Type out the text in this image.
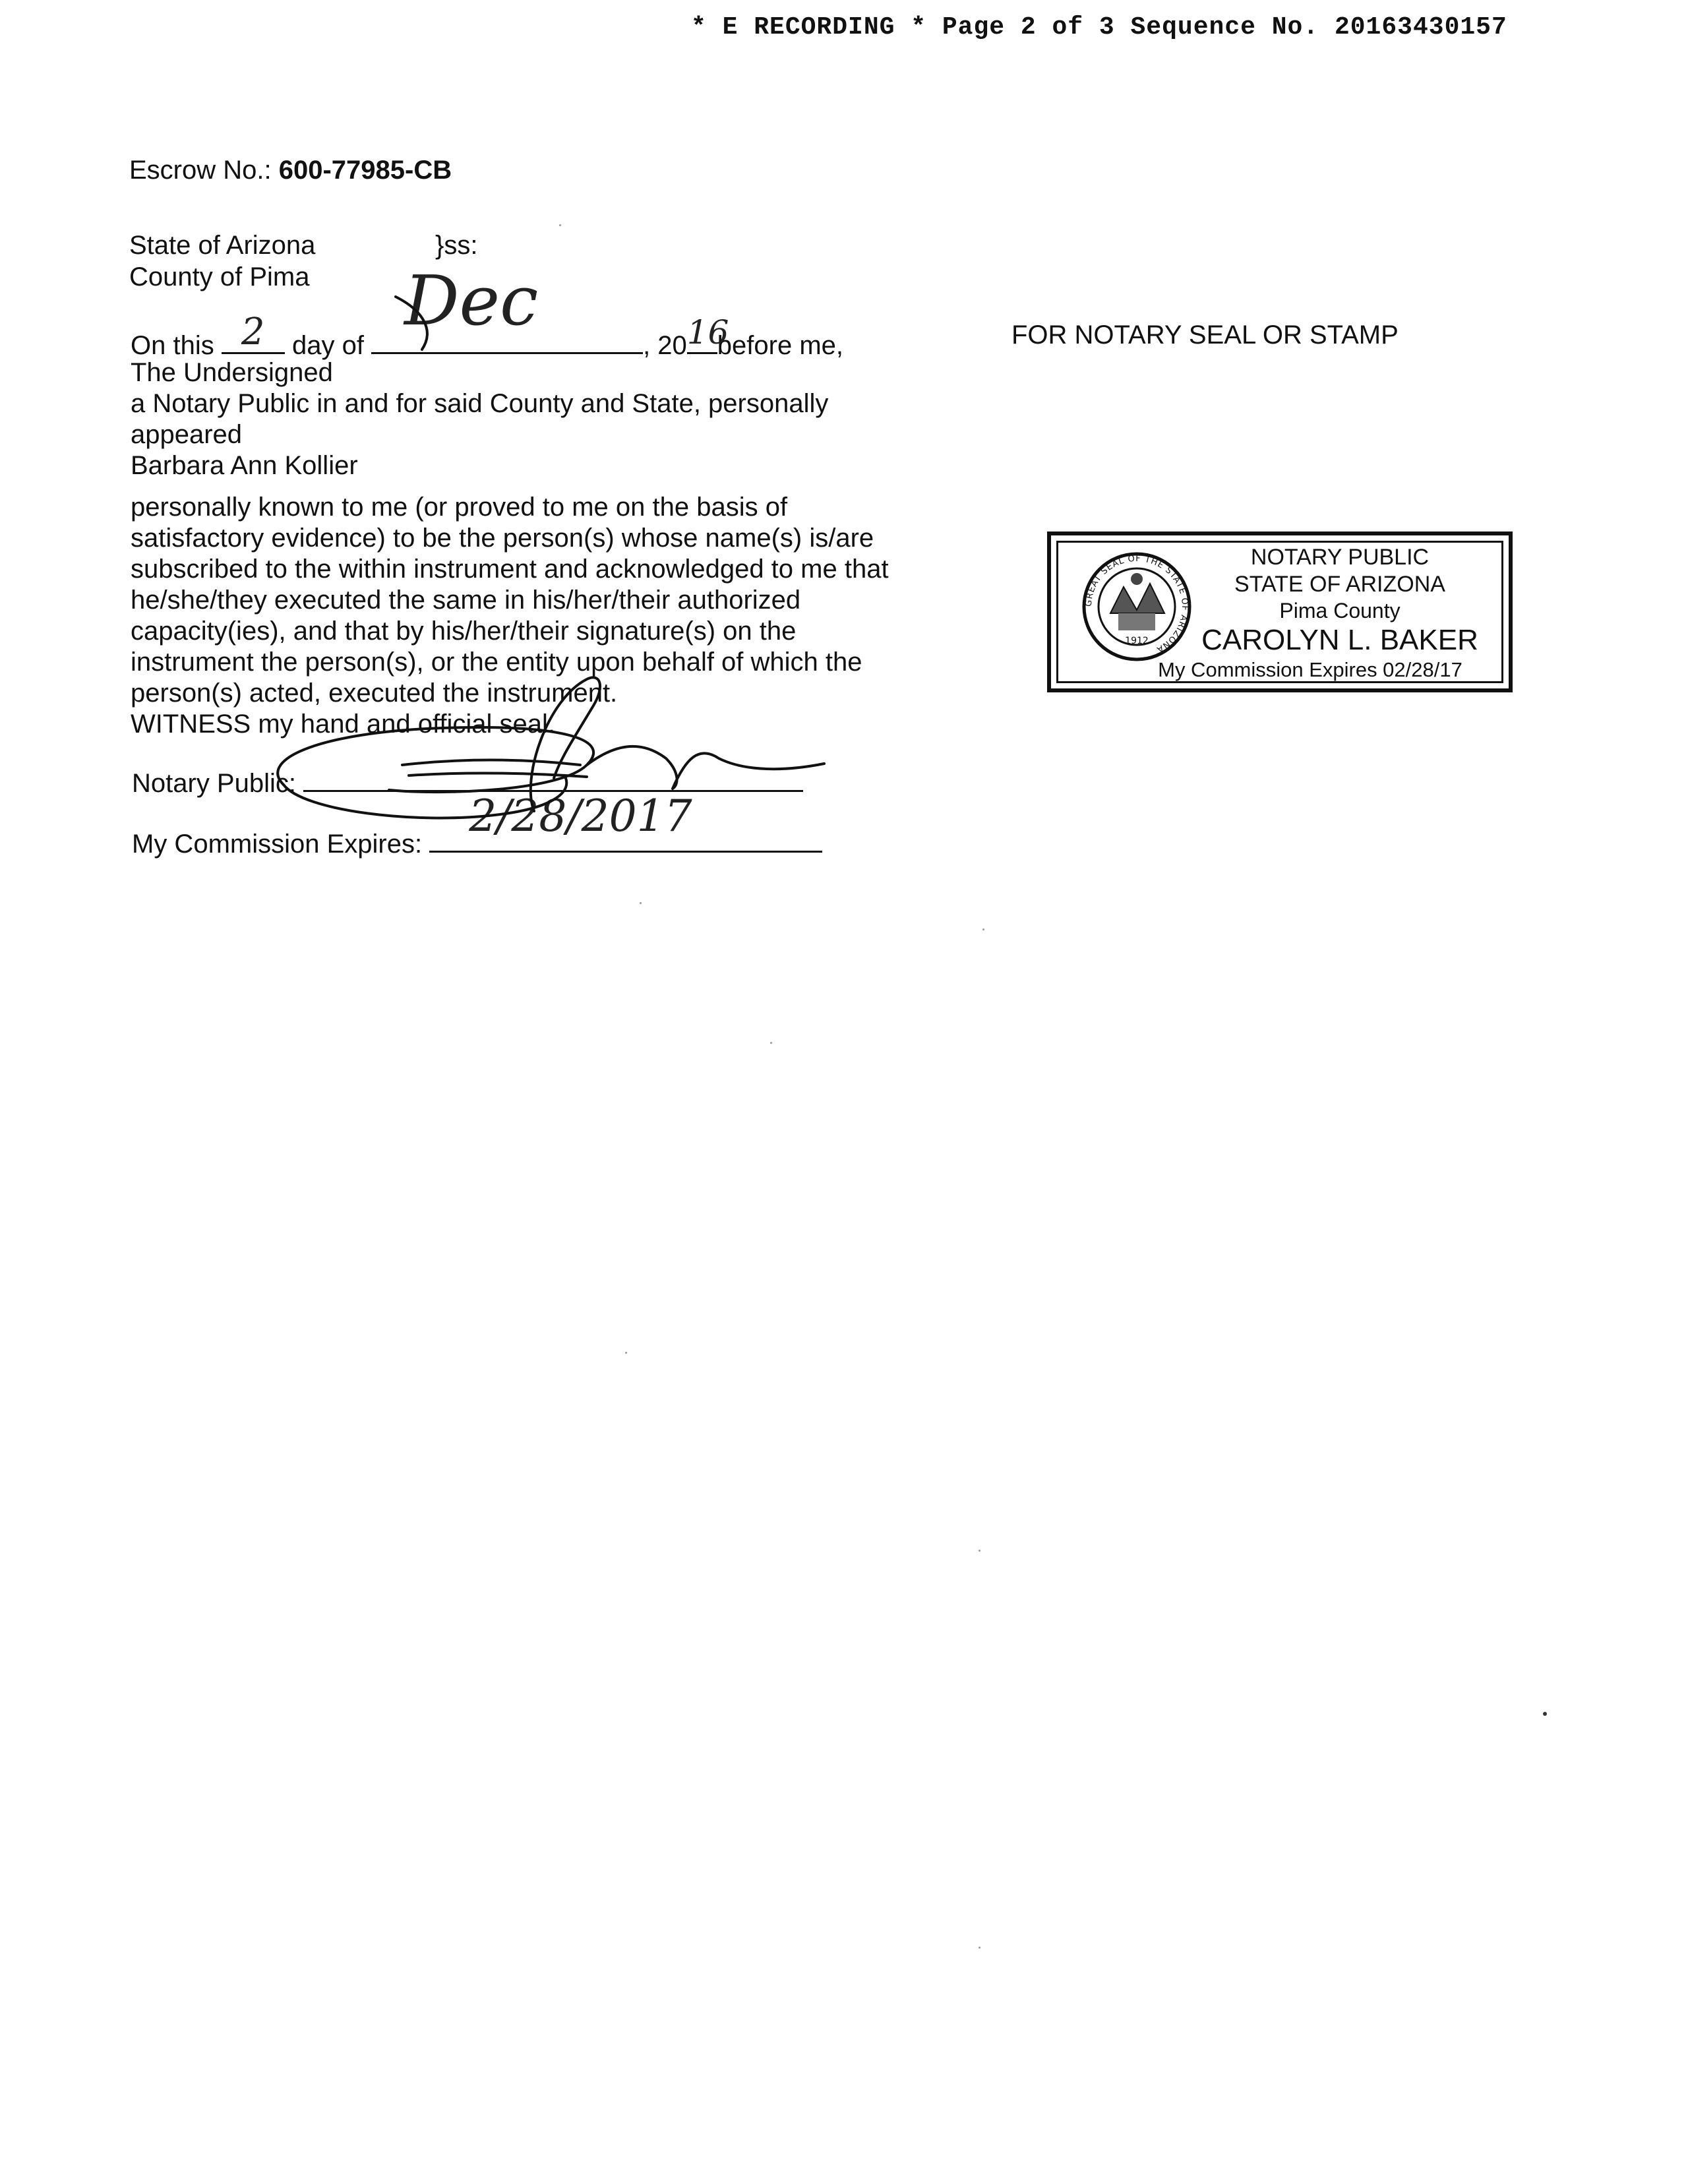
* E RECORDING * Page 2 of 3 Sequence No. 20163430157
Escrow No.: 600-77985-CB
State of Arizona	}ss:
County of Pima
On this 2 day of
Dec
, 20 16
before me,	FOR NOTARY SEAL OR STAMP
The Undersigned
a Notary Public in and for said County and State, personally
appeared
Barbara Ann Kollier
personally known to me (or proved to me on the basis of
satisfactory evidence) to be the person(s) whose name(s) is/are
subscribed to the within instrument and acknowledged to me that
he/she/they executed the same in his/her/their authorized
capacity(ies), and that by his/her/their signature(s) on the
instrument the person(s), or the entity upon behalf of which the
person(s) acted, executed the instrument.
WITNESS my hand and official seal.
Notary Public:
My Commission Expires:
2/28/2017
1912
GREAT SEAL OF THE STATE OF ARIZONA
NOTARY PUBLIC
STATE OF ARIZONA
Pima County
CAROLYN L. BAKER
My Commission Expires 02/28/17
